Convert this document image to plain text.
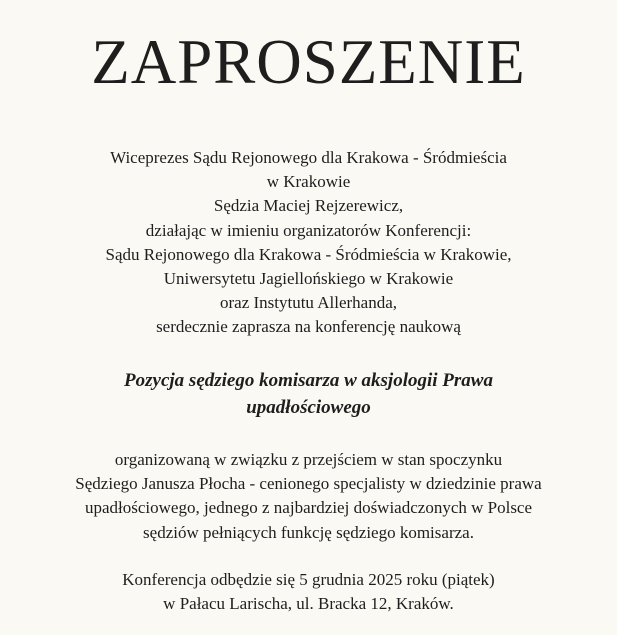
ZAPROSZENIE

Wiceprezes Sądu Rejonowego dla Krakowa - Śródmieścia
w Krakowie
Sędzia Maciej Rejzerewicz,
działając w imieniu organizatorów Konferencji:
Sądu Rejonowego dla Krakowa - Śródmieścia w Krakowie,
Uniwersytetu Jagiellońskiego w Krakowie
oraz Instytutu Allerhanda,
serdecznie zaprasza na konferencję naukową

Pozycja sędziego komisarza w aksjologii Prawa
upadłościowego

organizowaną w związku z przejściem w stan spoczynku
Sędziego Janusza Płocha - cenionego specjalisty w dziedzinie prawa
upadłościowego, jednego z najbardziej doświadczonych w Polsce
sędziów pełniących funkcję sędziego komisarza.

Konferencja odbędzie się 5 grudnia 2025 roku (piątek)
w Pałacu Larischa, ul. Bracka 12, Kraków.
